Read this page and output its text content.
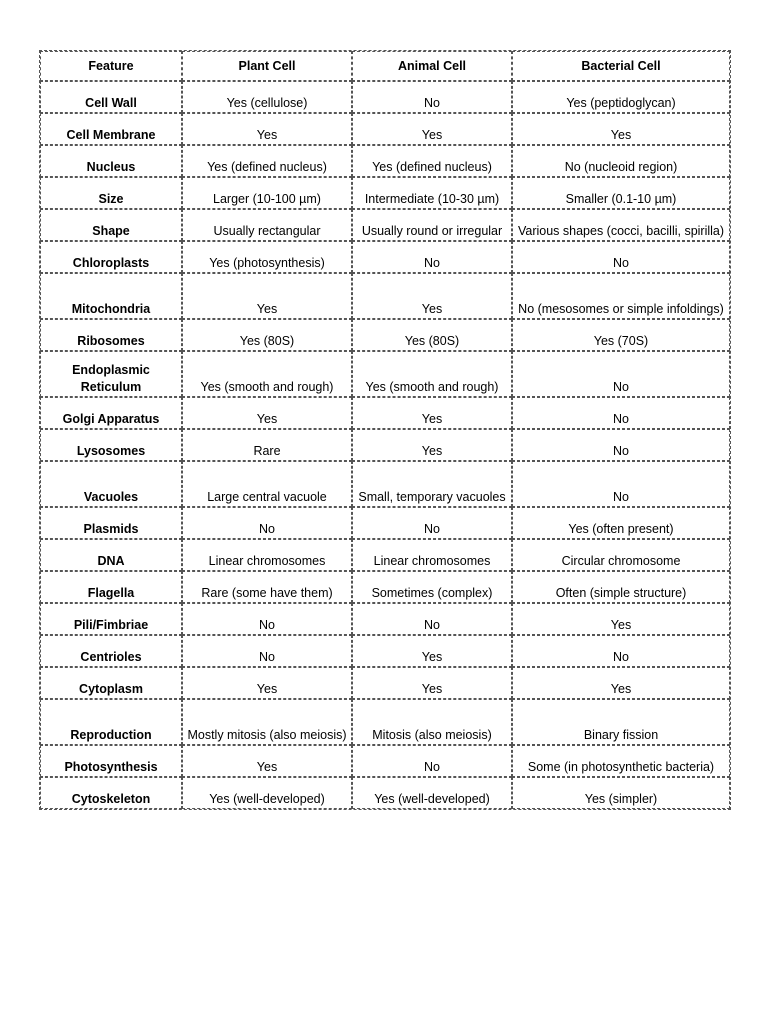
Feature	Plant Cell	Animal Cell	Bacterial Cell
Cell Wall	Yes (cellulose)	No	Yes (peptidoglycan)
Cell Membrane	Yes	Yes	Yes
Nucleus	Yes (defined nucleus)	Yes (defined nucleus)	No (nucleoid region)
Size	Larger (10-100 µm)	Intermediate (10-30 µm)	Smaller (0.1-10 µm)
Shape	Usually rectangular	Usually round or irregular	Various shapes (cocci, bacilli, spirilla)
Chloroplasts	Yes (photosynthesis)	No	No
Mitochondria	Yes	Yes	No (mesosomes or simple infoldings)
Ribosomes	Yes (80S)	Yes (80S)	Yes (70S)
Endoplasmic Reticulum	Yes (smooth and rough)	Yes (smooth and rough)	No
Golgi Apparatus	Yes	Yes	No
Lysosomes	Rare	Yes	No
Vacuoles	Large central vacuole	Small, temporary vacuoles	No
Plasmids	No	No	Yes (often present)
DNA	Linear chromosomes	Linear chromosomes	Circular chromosome
Flagella	Rare (some have them)	Sometimes (complex)	Often (simple structure)
Pili/Fimbriae	No	No	Yes
Centrioles	No	Yes	No
Cytoplasm	Yes	Yes	Yes
Reproduction	Mostly mitosis (also meiosis)	Mitosis (also meiosis)	Binary fission
Photosynthesis	Yes	No	Some (in photosynthetic bacteria)
Cytoskeleton	Yes (well-developed)	Yes (well-developed)	Yes (simpler)
